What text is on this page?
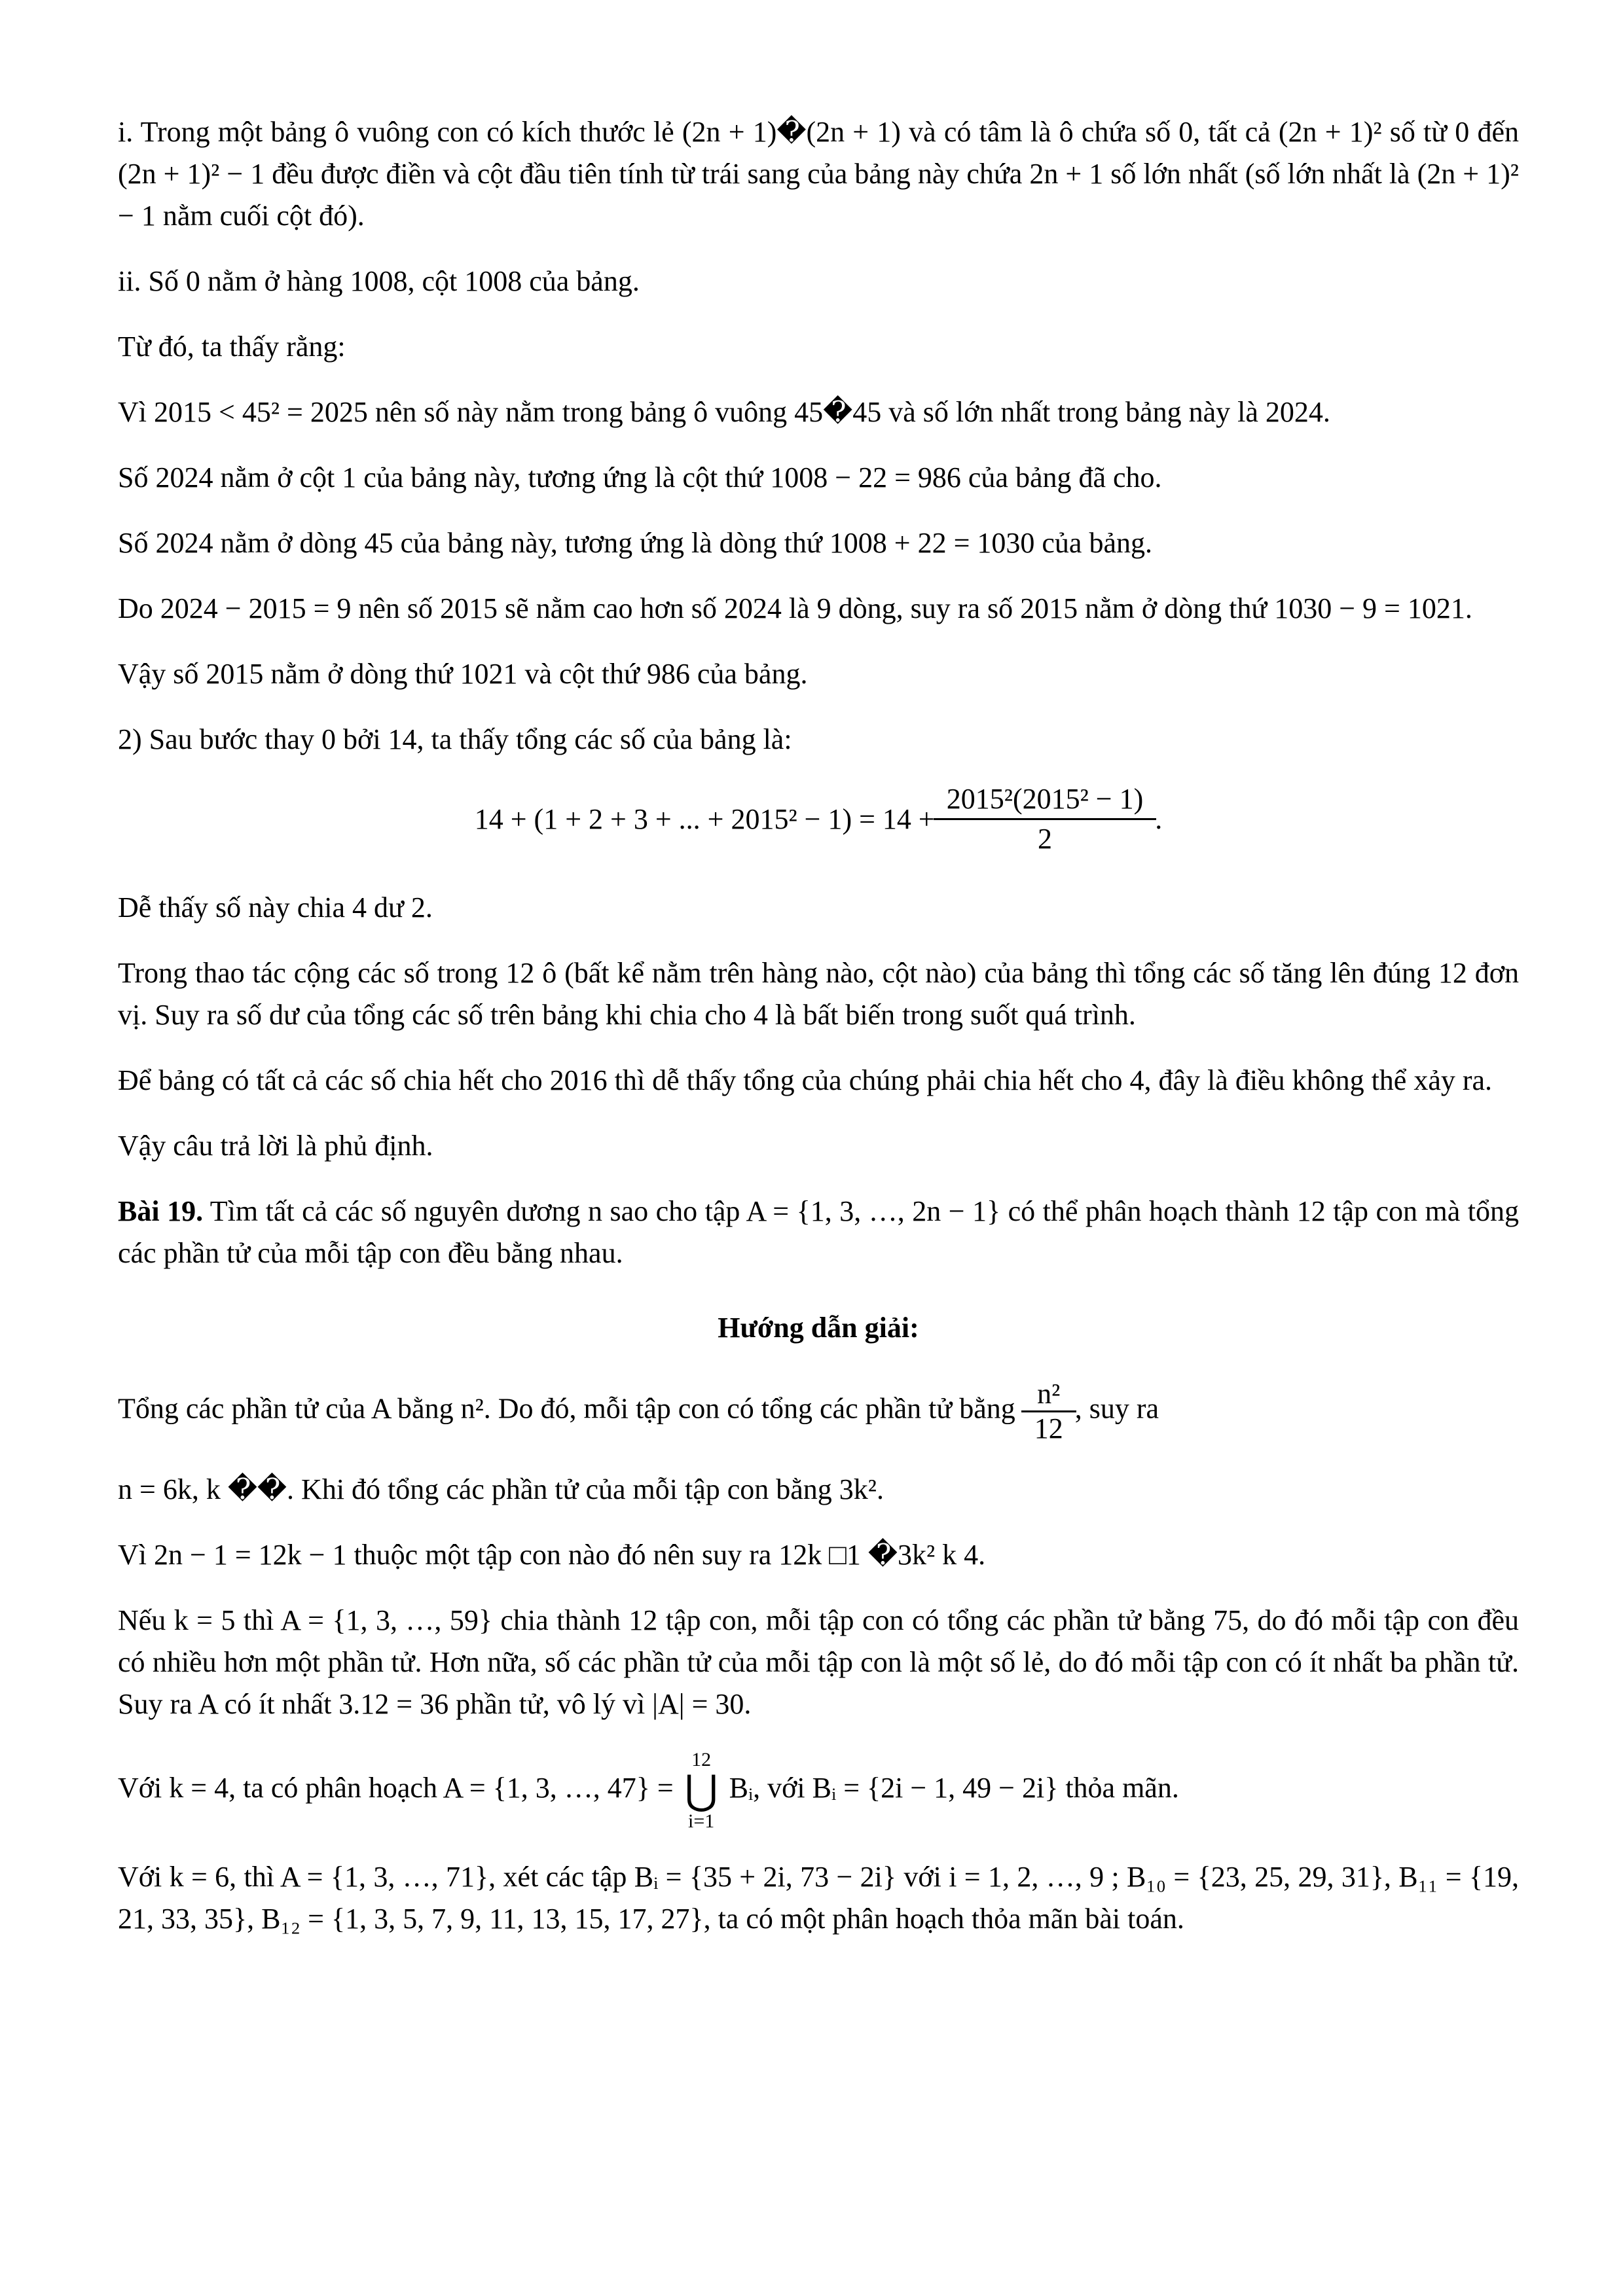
i. Trong một bảng ô vuông con có kích thước lẻ (2n + 1)�(2n + 1) và có tâm là ô chứa số 0, tất cả (2n + 1)² số từ 0 đến (2n + 1)² − 1 đều được điền và cột đầu tiên tính từ trái sang của bảng này chứa 2n + 1 số lớn nhất (số lớn nhất là (2n + 1)² − 1 nằm cuối cột đó).

ii. Số 0 nằm ở hàng 1008, cột 1008 của bảng.

Từ đó, ta thấy rằng:

Vì 2015 < 45² = 2025 nên số này nằm trong bảng ô vuông 45�45 và số lớn nhất trong bảng này là 2024.

Số 2024 nằm ở cột 1 của bảng này, tương ứng là cột thứ 1008 − 22 = 986 của bảng đã cho.

Số 2024 nằm ở dòng 45 của bảng này, tương ứng là dòng thứ 1008 + 22 = 1030 của bảng.

Do 2024 − 2015 = 9 nên số 2015 sẽ nằm cao hơn số 2024 là 9 dòng, suy ra số 2015 nằm ở dòng thứ 1030 − 9 = 1021.

Vậy số 2015 nằm ở dòng thứ 1021 và cột thứ 986 của bảng.

2) Sau bước thay 0 bởi 14, ta thấy tổng các số của bảng là:

14 + (1 + 2 + 3 + ... + $2015^2 - 1) = 14 + \frac{\text{2015²(2015² − 1)}}{2}$ .

Dễ thấy số này chia 4 dư 2.

Trong thao tác cộng các số trong 12 ô (bất kể nằm trên hàng nào, cột nào) của bảng thì tổng các số tăng lên đúng 12 đơn vị. Suy ra số dư của tổng các số trên bảng khi chia cho 4 là bất biến trong suốt quá trình.

Để bảng có tất cả các số chia hết cho 2016 thì dễ thấy tổng của chúng phải chia hết cho 4, đây là điều không thể xảy ra.

Vậy câu trả lời là phủ định.

Bài 19. Tìm tất cả các số nguyên dương n sao cho tập A = {1, 3, …, 2n − 1} có thể phân hoạch thành 12 tập con mà tổng các phần tử của mỗi tập con đều bằng nhau.

Hướng dẫn giải:

Tổng các phần tử của A bằng n². Do đó, mỗi tập con có tổng các phần tử bằng $\frac{\text{n²}}{12}$ , suy ra

n = 6k, k ��. Khi đó tổng các phần tử của mỗi tập con bằng 3k².

Vì 2n − 1 = 12k − 1 thuộc một tập con nào đó nên suy ra 12k □1 �3k² k 4.

Nếu k = 5 thì A = {1, 3, …, 59} chia thành 12 tập con, mỗi tập con có tổng các phần tử bằng 75, do đó mỗi tập con đều có nhiều hơn một phần tử. Hơn nữa, số các phần tử của mỗi tập con là một số lẻ, do đó mỗi tập con có ít nhất ba phần tử. Suy ra A có ít nhất 3.12 = 36 phần tử, vô lý vì |A| = 30.

Với k = 4, ta có phân hoạch A = {1, 3, …, 47} =
12
⋃
i=1
Bᵢ, với Bᵢ = {2i − 1, 49 − 2i} thỏa mãn.

Với k = 6, thì A = {1, 3, …, 71}, xét các tập Bᵢ = {35 + 2i, 73 − 2i} với i = 1, 2, …, 9 ; B₁₀ = {23, 25, 29, 31}, B₁₁ = {19, 21, 33, 35}, B₁₂ = {1, 3, 5, 7, 9, 11, 13, 15, 17, 27}, ta có một phân hoạch thỏa mãn bài toán.
